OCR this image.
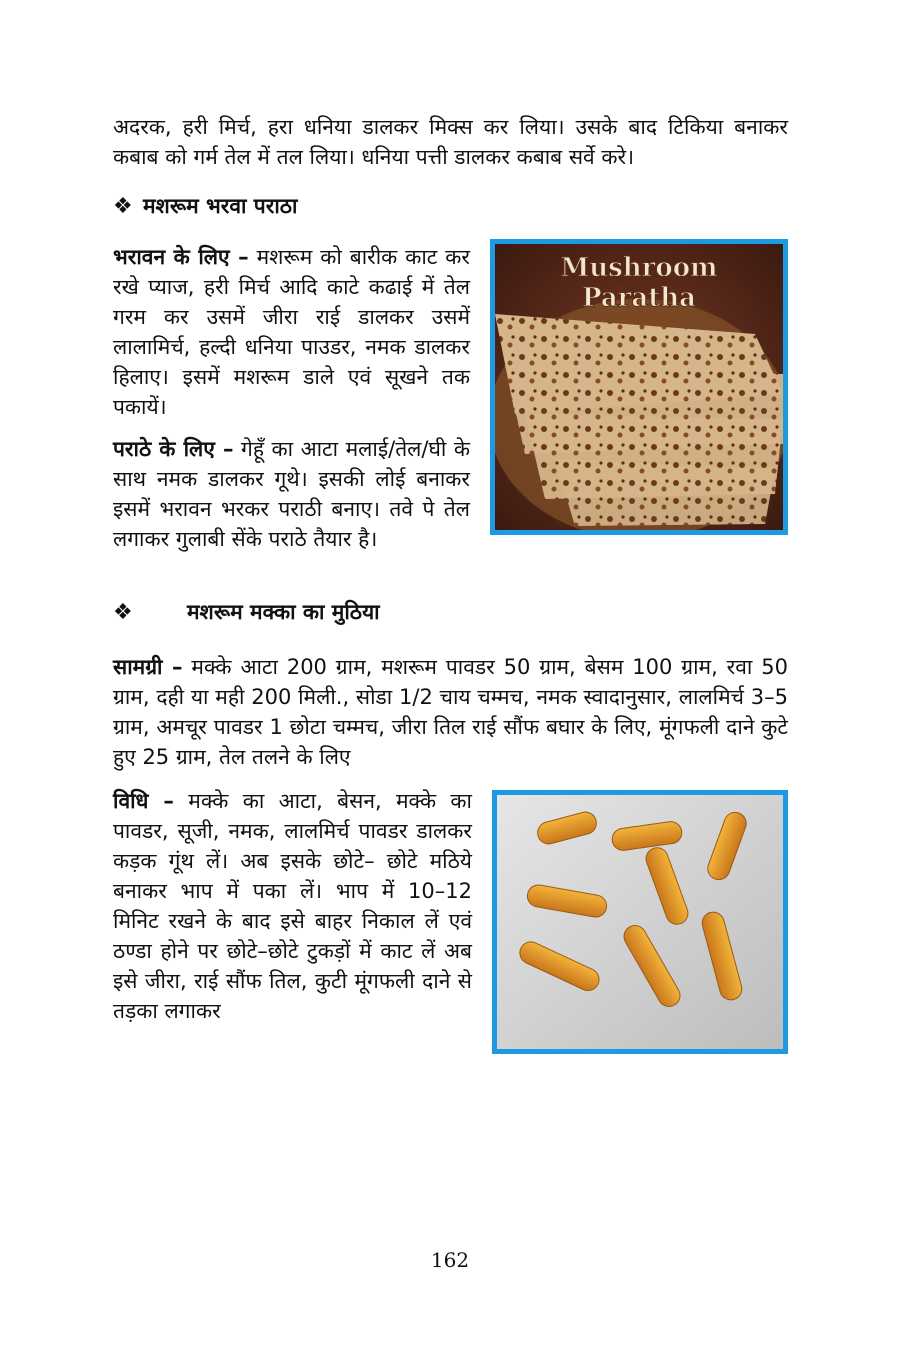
अदरक, हरी मिर्च, हरा धनिया डालकर मिक्स कर लिया। उसके बाद टिकिया बनाकर कबाब को गर्म तेल में तल लिया। धनिया पत्ती डालकर कबाब सर्वे करे।

❖ मशरूम भरवा पराठा
Mushroom
Paratha

भरावन के लिए – मशरूम को बारीक काट कर रखे प्याज, हरी मिर्च आदि काटे कढाई में तेल गरम कर उसमें जीरा राई डालकर उसमें लालामिर्च, हल्दी धनिया पाउडर, नमक डालकर हिलाए। इसमें मशरूम डाले एवं सूखने तक पकायें।

पराठे के लिए – गेहूँ का आटा मलाई/तेल/घी के साथ नमक डालकर गूथे। इसकी लोई बनाकर इसमें भरावन भरकर पराठी बनाए। तवे पे तेल लगाकर गुलाबी सेंके पराठे तैयार है।

❖	मशरूम मक्का का मुठिया

सामग्री – मक्के आटा 200 ग्राम, मशरूम पावडर 50 ग्राम, बेसम 100 ग्राम, रवा 50 ग्राम, दही या मही 200 मिली., सोडा 1/2 चाय चम्मच, नमक स्वादानुसार, लालमिर्च 3–5 ग्राम, अमचूर पावडर 1 छोटा चम्मच, जीरा तिल राई सौंफ बघार के लिए, मूंगफली दाने कुटे हुए 25 ग्राम, तेल तलने के लिए

विधि – मक्के का आटा, बेसन, मक्के का पावडर, सूजी, नमक, लालमिर्च पावडर डालकर कड़क गूंथ लें। अब इसके छोटे– छोटे मठिये बनाकर भाप में पका लें। भाप में 10–12 मिनिट रखने के बाद इसे बाहर निकाल लें एवं ठण्डा होने पर छोटे–छोटे टुकड़ों में काट लें अब इसे जीरा, राई सौंफ तिल, कुटी मूंगफली दाने से तड़का लगाकर

162
